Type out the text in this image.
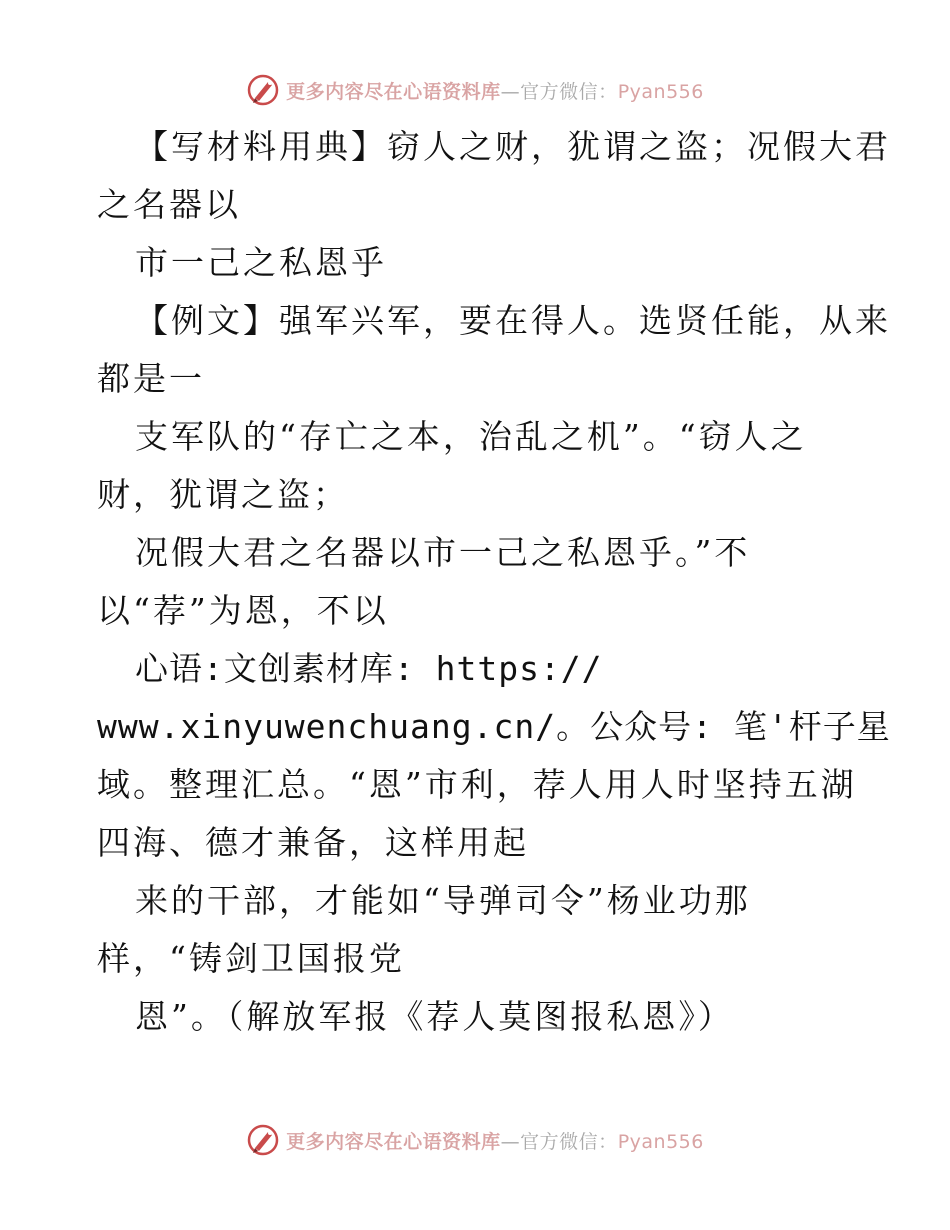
更多内容尽在心语资料库—官方微信：Pyan556
【写材料用典】窃人之财，犹谓之盗；况假大君
之名器以
市一己之私恩乎
【例文】强军兴军，要在得人。选贤任能，从来
都是一
支军队的“存亡之本，治乱之机”。“窃人之
财，犹谓之盗；
况假大君之名器以市一己之私恩乎。”不
以“荐”为恩，不以
心语:文创素材库: https://
www.xinyuwenchuang.cn/。公众号: 笔'杆子星
域。整理汇总。“恩”市利，荐人用人时坚持五湖
四海、德才兼备，这样用起
来的干部，才能如“导弹司令”杨业功那
样，“铸剑卫国报党
恩”。（解放军报《荐人莫图报私恩》）
更多内容尽在心语资料库—官方微信：Pyan556
